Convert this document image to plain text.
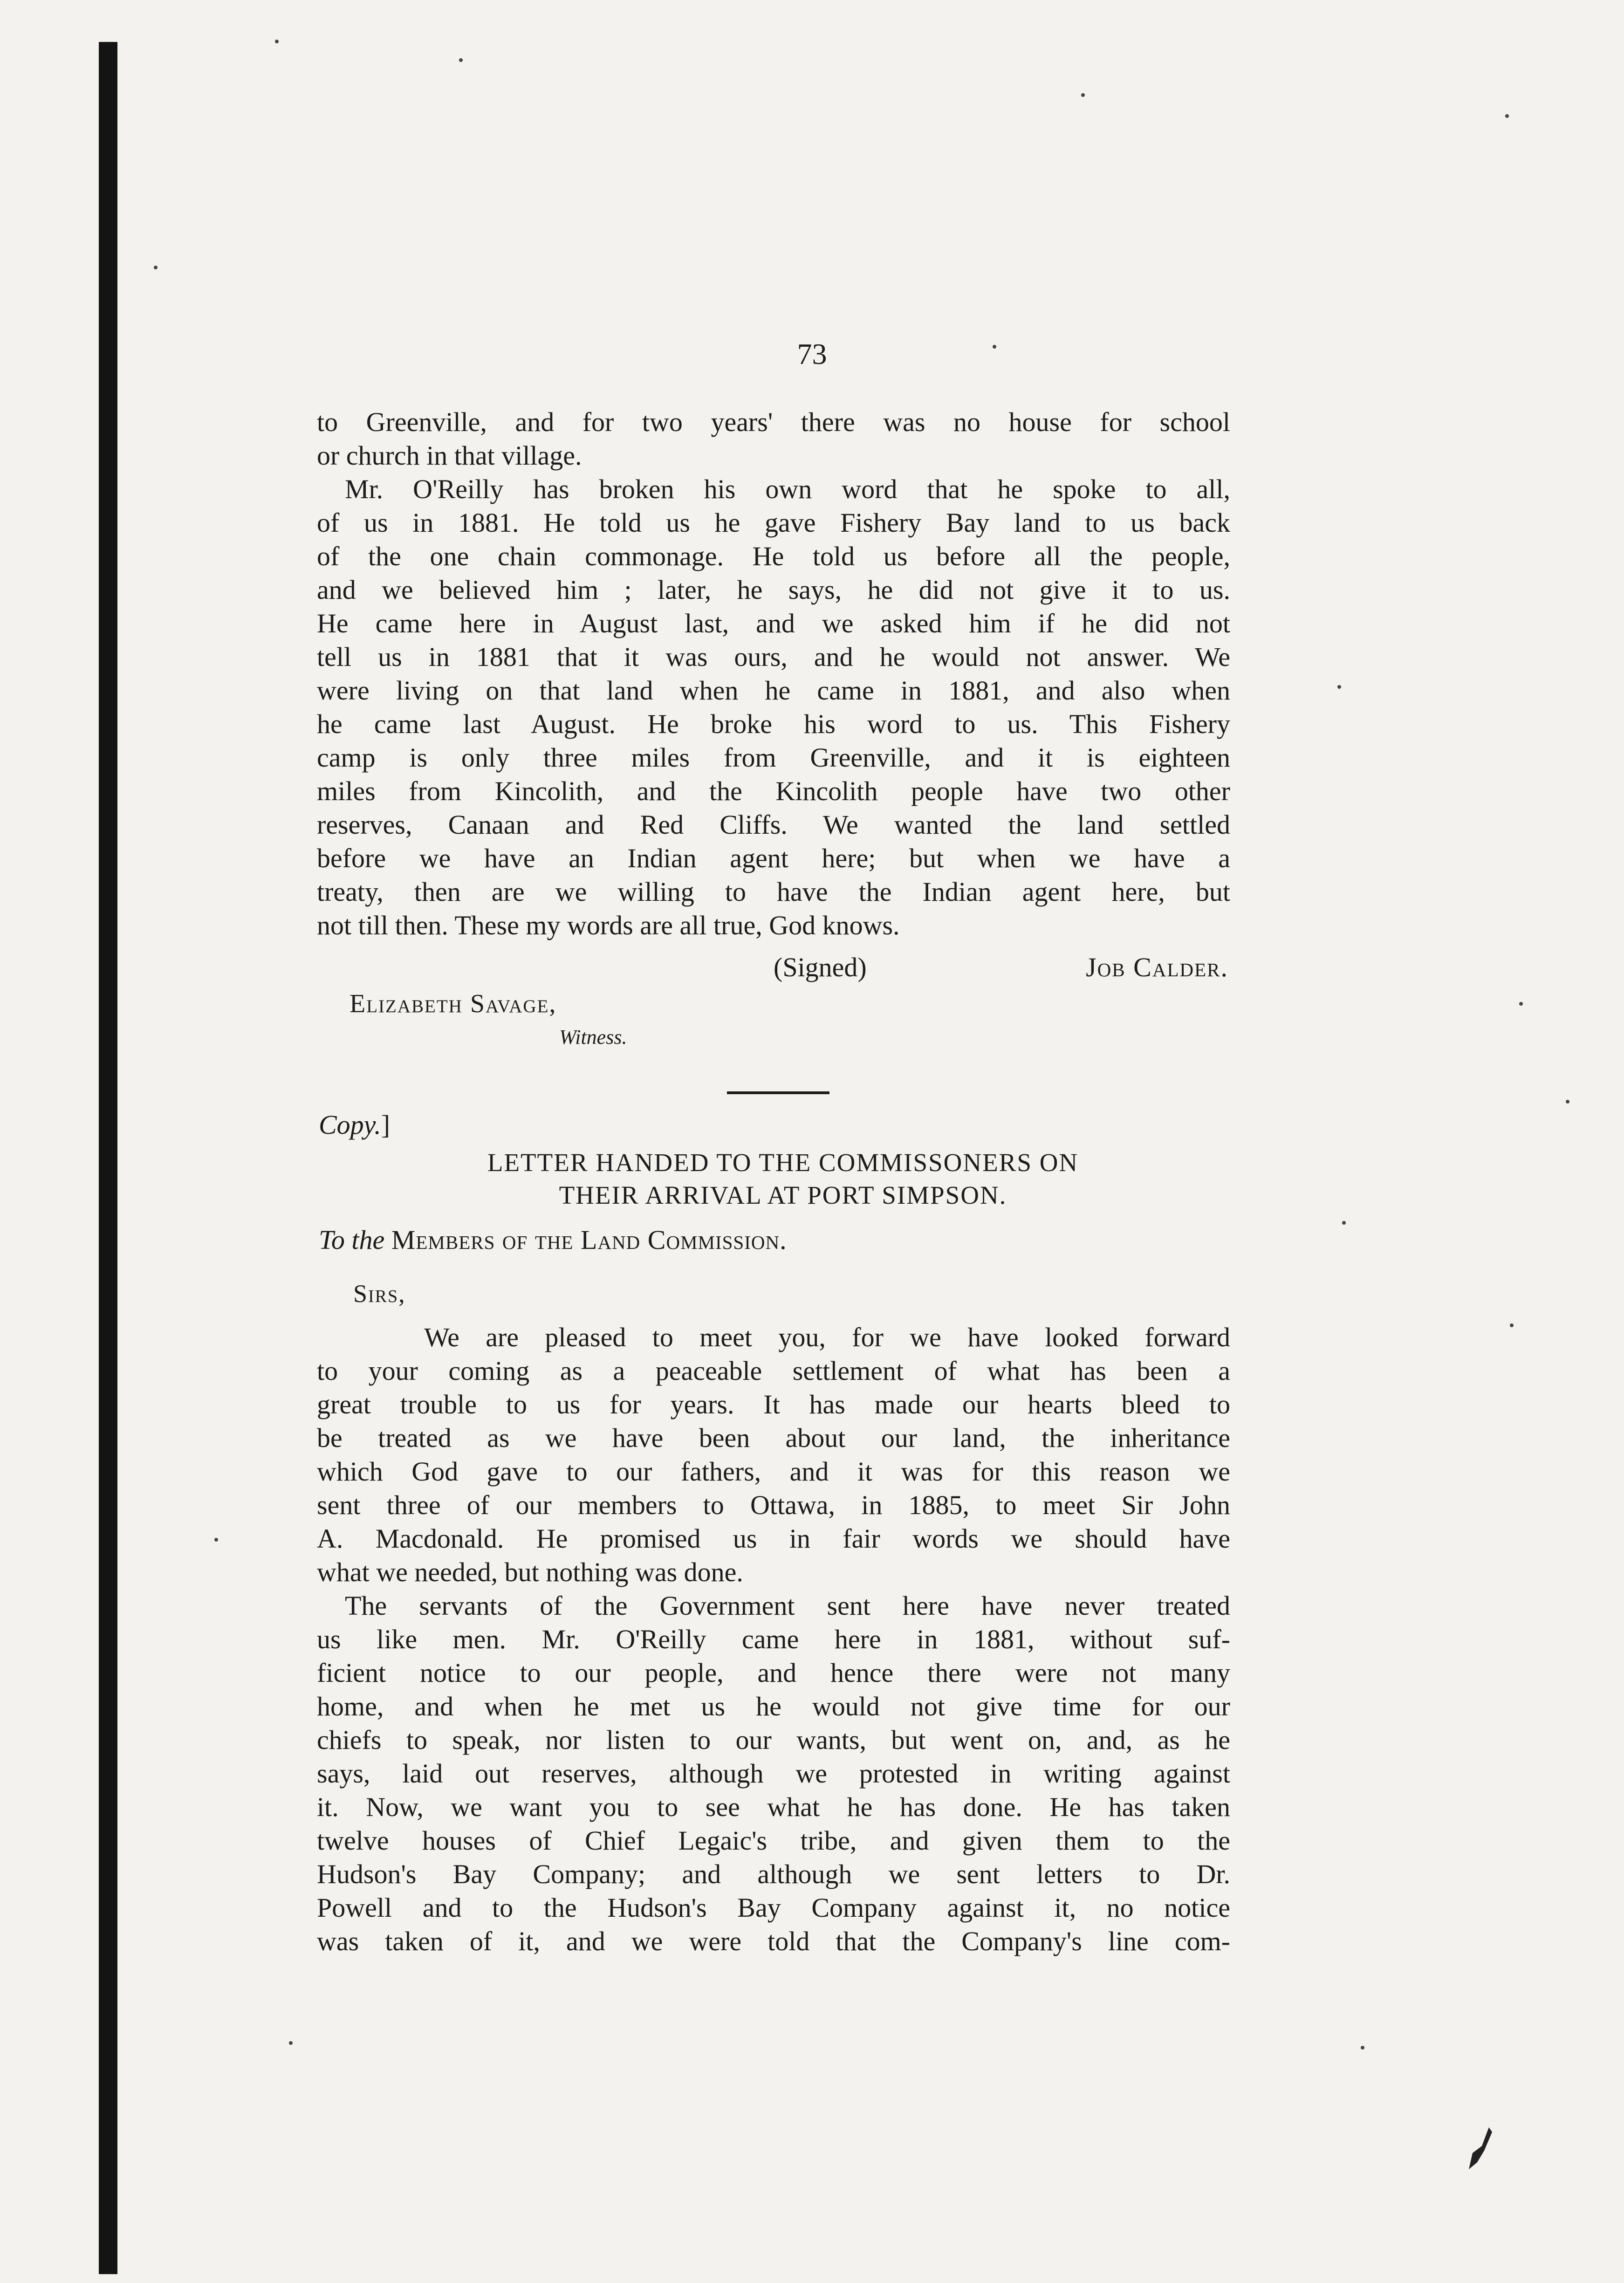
73

to Greenville, and for two years' there was no house for school

or church in that village.

Mr. O'Reilly has broken his own word that he spoke to all,

of us in 1881. He told us he gave Fishery Bay land to us back

of the one chain commonage. He told us before all the people,

and we believed him ; later, he says, he did not give it to us.

He came here in August last, and we asked him if he did not

tell us in 1881 that it was ours, and he would not answer. We

were living on that land when he came in 1881, and also when

he came last August. He broke his word to us. This Fishery

camp is only three miles from Greenville, and it is eighteen

miles from Kincolith, and the Kincolith people have two other

reserves, Canaan and Red Cliffs. We wanted the land settled

before we have an Indian agent here; but when we have a

treaty, then are we willing to have the Indian agent here, but

not till then. These my words are all true, God knows.

(Signed)	Job Calder.
Elizabeth Savage,
Witness.
Copy.]
LETTER HANDED TO THE COMMISSONERS ON
THEIR ARRIVAL AT PORT SIMPSON.
To the Members of the Land Commission.
Sirs,

We are pleased to meet you, for we have looked forward

to your coming as a peaceable settlement of what has been a

great trouble to us for years. It has made our hearts bleed to

be treated as we have been about our land, the inheritance

which God gave to our fathers, and it was for this reason we

sent three of our members to Ottawa, in 1885, to meet Sir John

A. Macdonald. He promised us in fair words we should have

what we needed, but nothing was done.

The servants of the Government sent here have never treated

us like men. Mr. O'Reilly came here in 1881, without suf-

ficient notice to our people, and hence there were not many

home, and when he met us he would not give time for our

chiefs to speak, nor listen to our wants, but went on, and, as he

says, laid out reserves, although we protested in writing against

it. Now, we want you to see what he has done. He has taken

twelve houses of Chief Legaic's tribe, and given them to the

Hudson's Bay Company; and although we sent letters to Dr.

Powell and to the Hudson's Bay Company against it, no notice

was taken of it, and we were told that the Company's line com-
